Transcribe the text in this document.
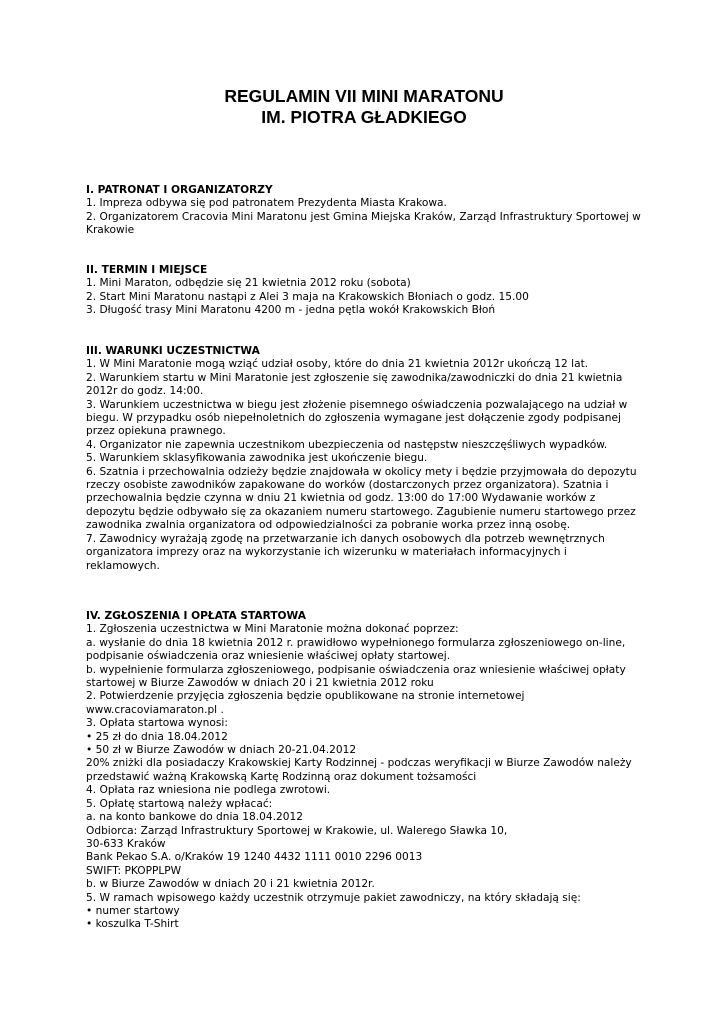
REGULAMIN VII MINI MARATONU
IM. PIOTRA GŁADKIEGO
I. PATRONAT I ORGANIZATORZY
1. Impreza odbywa się pod patronatem Prezydenta Miasta Krakowa.
2. Organizatorem Cracovia Mini Maratonu jest Gmina Miejska Kraków, Zarząd Infrastruktury Sportowej w Krakowie
II. TERMIN I MIEJSCE
1. Mini Maraton, odbędzie się 21 kwietnia 2012 roku (sobota)
2. Start Mini Maratonu nastąpi z Alei 3 maja na Krakowskich Błoniach o godz. 15.00
3. Długość trasy Mini Maratonu 4200 m - jedna pętla wokół Krakowskich Błoń
III. WARUNKI UCZESTNICTWA
1. W Mini Maratonie mogą wziąć udział osoby, które do dnia 21 kwietnia 2012r ukończą 12 lat.
2. Warunkiem startu w Mini Maratonie jest zgłoszenie się zawodnika/zawodniczki do dnia 21 kwietnia 2012r do godz. 14:00.
3. Warunkiem uczestnictwa w biegu jest złożenie pisemnego oświadczenia pozwalającego na udział w biegu. W przypadku osób niepełnoletnich do zgłoszenia wymagane jest dołączenie zgody podpisanej przez opiekuna prawnego.
4. Organizator nie zapewnia uczestnikom ubezpieczenia od następstw nieszczęśliwych wypadków.
5. Warunkiem sklasyfikowania zawodnika jest ukończenie biegu.
6. Szatnia i przechowalnia odzieży będzie znajdowała w okolicy mety i będzie przyjmowała do depozytu rzeczy osobiste zawodników zapakowane do worków (dostarczonych przez organizatora). Szatnia i przechowalnia będzie czynna w dniu 21 kwietnia od godz. 13:00 do 17:00 Wydawanie worków z depozytu będzie odbywało się za okazaniem numeru startowego. Zagubienie numeru startowego przez zawodnika zwalnia organizatora od odpowiedzialności za pobranie worka przez inną osobę.
7. Zawodnicy wyrażają zgodę na przetwarzanie ich danych osobowych dla potrzeb wewnętrznych organizatora imprezy oraz na wykorzystanie ich wizerunku w materiałach informacyjnych i reklamowych.
IV. ZGŁOSZENIA I OPŁATA STARTOWA
1. Zgłoszenia uczestnictwa w Mini Maratonie można dokonać poprzez:
a. wysłanie do dnia 18 kwietnia 2012 r. prawidłowo wypełnionego formularza zgłoszeniowego on-line, podpisanie oświadczenia oraz wniesienie właściwej opłaty startowej.
b. wypełnienie formularza zgłoszeniowego, podpisanie oświadczenia oraz wniesienie właściwej opłaty startowej w Biurze Zawodów w dniach 20 i 21 kwietnia 2012 roku
2. Potwierdzenie przyjęcia zgłoszenia będzie opublikowane na stronie internetowej www.cracoviamaraton.pl .
3. Opłata startowa wynosi:
• 25 zł do dnia 18.04.2012
• 50 zł w Biurze Zawodów w dniach 20-21.04.2012
20% zniżki dla posiadaczy Krakowskiej Karty Rodzinnej - podczas weryfikacji w Biurze Zawodów należy przedstawić ważną Krakowską Kartę Rodzinną oraz dokument tożsamości
4. Opłata raz wniesiona nie podlega zwrotowi.
5. Opłatę startową należy wpłacać:
a. na konto bankowe do dnia 18.04.2012
Odbiorca: Zarząd Infrastruktury Sportowej w Krakowie, ul. Walerego Sławka 10,
30-633 Kraków
Bank Pekao S.A. o/Kraków 19 1240 4432 1111 0010 2296 0013
SWIFT: PKOPPLPW
b. w Biurze Zawodów w dniach 20 i 21 kwietnia 2012r.
5. W ramach wpisowego każdy uczestnik otrzymuje pakiet zawodniczy, na który składają się:
• numer startowy
• koszulka T-Shirt
